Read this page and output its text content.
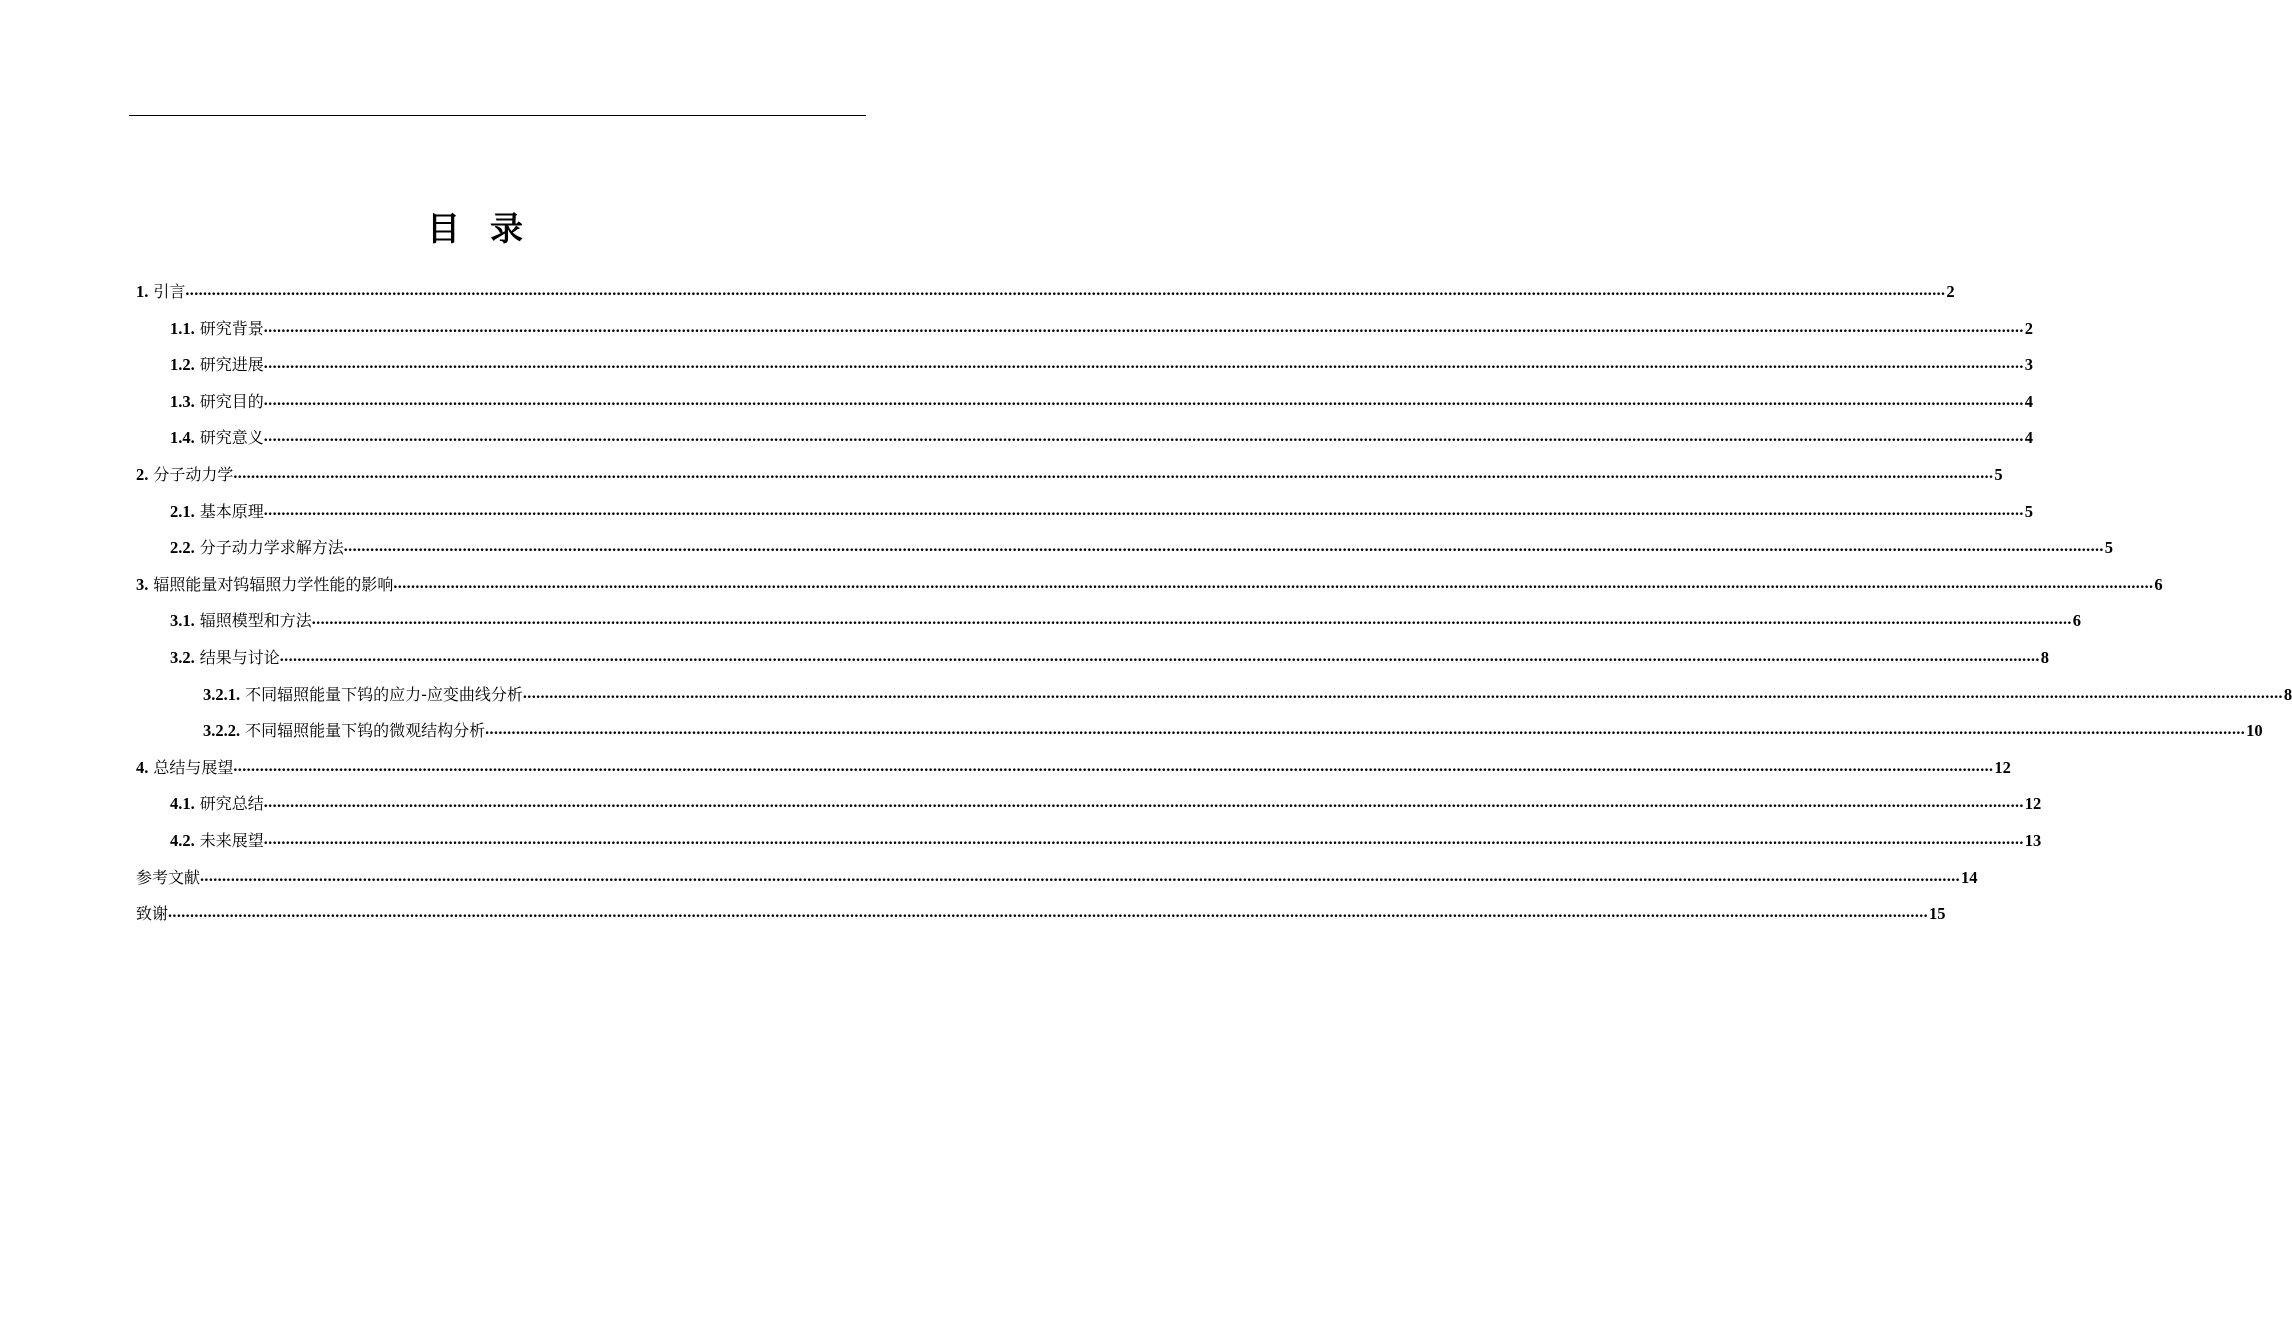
目 录
1. 引言 ................................................................................................................................................................................................................................................................................................................................................................................................................ 2
1.1. 研究背景 ................................................................................................................................................................................................................................................................................................................................................................................................................ 2
1.2. 研究进展 ................................................................................................................................................................................................................................................................................................................................................................................................................ 3
1.3. 研究目的 ................................................................................................................................................................................................................................................................................................................................................................................................................ 4
1.4. 研究意义 ................................................................................................................................................................................................................................................................................................................................................................................................................ 4
2. 分子动力学 ................................................................................................................................................................................................................................................................................................................................................................................................................ 5
2.1. 基本原理 ................................................................................................................................................................................................................................................................................................................................................................................................................ 5
2.2. 分子动力学求解方法 ................................................................................................................................................................................................................................................................................................................................................................................................................ 5
3. 辐照能量对钨辐照力学性能的影响 ................................................................................................................................................................................................................................................................................................................................................................................................................ 6
3.1. 辐照模型和方法 ................................................................................................................................................................................................................................................................................................................................................................................................................ 6
3.2. 结果与讨论 ................................................................................................................................................................................................................................................................................................................................................................................................................ 8
3.2.1. 不同辐照能量下钨的应力-应变曲线分析 ................................................................................................................................................................................................................................................................................................................................................................................................................ 8
3.2.2. 不同辐照能量下钨的微观结构分析 ................................................................................................................................................................................................................................................................................................................................................................................................................ 10
4. 总结与展望 ................................................................................................................................................................................................................................................................................................................................................................................................................ 12
4.1. 研究总结 ................................................................................................................................................................................................................................................................................................................................................................................................................ 12
4.2. 未来展望 ................................................................................................................................................................................................................................................................................................................................................................................................................ 13
参考文献 ................................................................................................................................................................................................................................................................................................................................................................................................................ 14
致谢 ................................................................................................................................................................................................................................................................................................................................................................................................................ 15
